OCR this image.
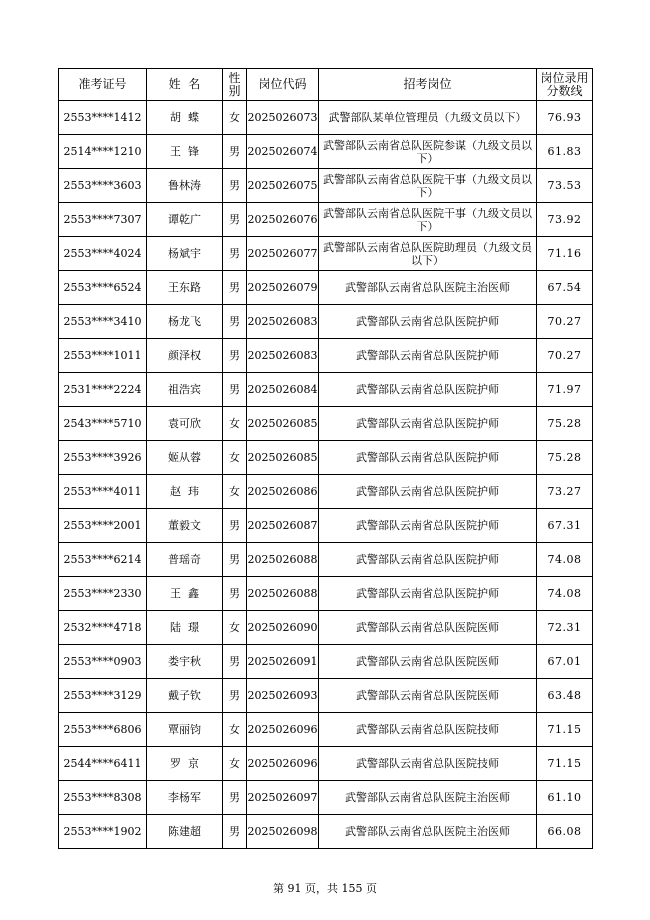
准考证号	姓  名	性别	岗位代码	招考岗位	岗位录用分数线
2553****1412	胡  蝶	女	2025026073	武警部队某单位管理员（九级文员以下）	76.93
2514****1210	王  锋	男	2025026074	武警部队云南省总队医院参谋（九级文员以下）	61.83
2553****3603	鲁林涛	男	2025026075	武警部队云南省总队医院干事（九级文员以下）	73.53
2553****7307	谭乾广	男	2025026076	武警部队云南省总队医院干事（九级文员以下）	73.92
2553****4024	杨斌宇	男	2025026077	武警部队云南省总队医院助理员（九级文员以下）	71.16
2553****6524	王东路	男	2025026079	武警部队云南省总队医院主治医师	67.54
2553****3410	杨龙飞	男	2025026083	武警部队云南省总队医院护师	70.27
2553****1011	颜泽权	男	2025026083	武警部队云南省总队医院护师	70.27
2531****2224	祖浩宾	男	2025026084	武警部队云南省总队医院护师	71.97
2543****5710	袁可欣	女	2025026085	武警部队云南省总队医院护师	75.28
2553****3926	姬从蓉	女	2025026085	武警部队云南省总队医院护师	75.28
2553****4011	赵  玮	女	2025026086	武警部队云南省总队医院护师	73.27
2553****2001	董毅文	男	2025026087	武警部队云南省总队医院护师	67.31
2553****6214	普瑶奇	男	2025026088	武警部队云南省总队医院护师	74.08
2553****2330	王  鑫	男	2025026088	武警部队云南省总队医院护师	74.08
2532****4718	陆  璟	女	2025026090	武警部队云南省总队医院医师	72.31
2553****0903	娄宇秋	男	2025026091	武警部队云南省总队医院医师	67.01
2553****3129	戴子钦	男	2025026093	武警部队云南省总队医院医师	63.48
2553****6806	覃丽钧	女	2025026096	武警部队云南省总队医院技师	71.15
2544****6411	罗  京	女	2025026096	武警部队云南省总队医院技师	71.15
2553****8308	李杨军	男	2025026097	武警部队云南省总队医院主治医师	61.10
2553****1902	陈建超	男	2025026098	武警部队云南省总队医院主治医师	66.08
第 91 页，共 155 页
